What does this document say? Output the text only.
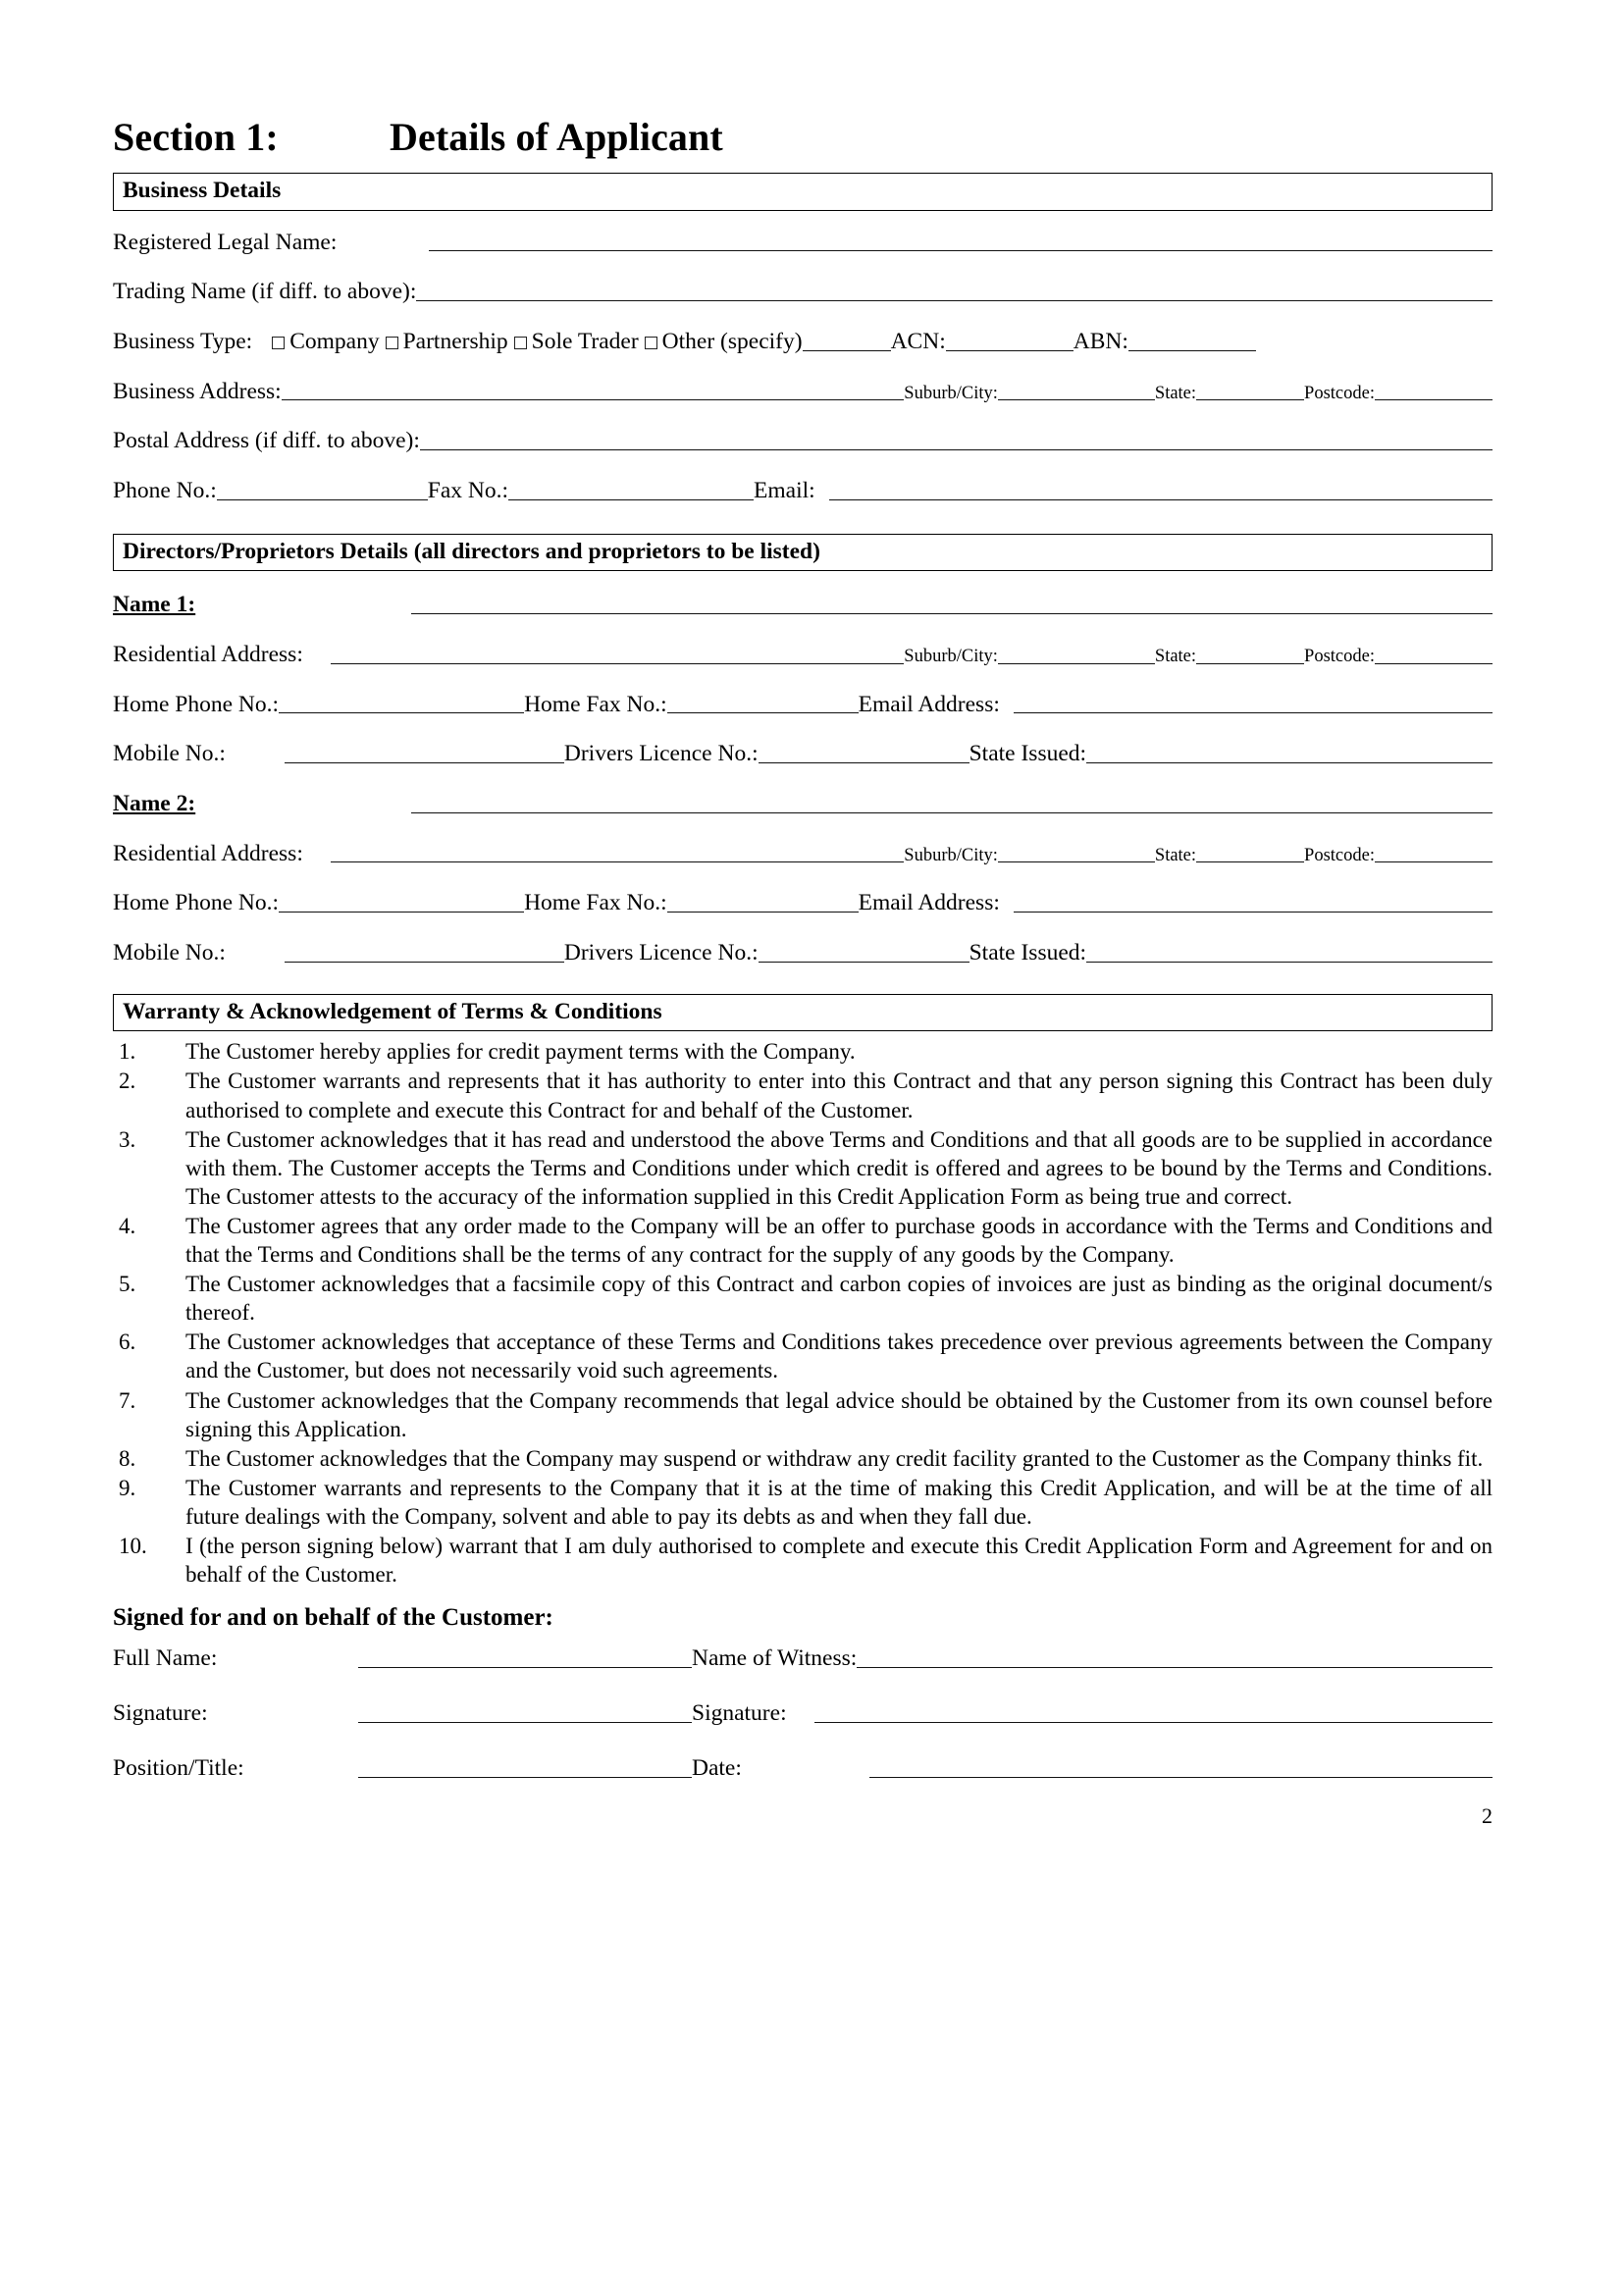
Section 1:	Details of Applicant
Business Details
Registered Legal Name:
Trading Name (if diff. to above):
Business Type:	Company	Partnership	Sole Trader	Other (specify)	ACN:	ABN:
Business Address:	Suburb/City:	State:	Postcode:
Postal Address (if diff. to above):
Phone No.:	Fax No.:	Email:
Directors/Proprietors Details (all directors and proprietors to be listed)
Name 1:
Residential Address:	Suburb/City:	State:	Postcode:
Home Phone No.:	Home Fax No.:	Email Address:
Mobile No.:	Drivers Licence No.:	State Issued:
Name 2:
Residential Address:	Suburb/City:	State:	Postcode:
Home Phone No.:	Home Fax No.:	Email Address:
Mobile No.:	Drivers Licence No.:	State Issued:
Warranty & Acknowledgement of Terms & Conditions
1.	The Customer hereby applies for credit payment terms with the Company.
2.	The Customer warrants and represents that it has authority to enter into this Contract and that any person signing this Contract has been duly authorised to complete and execute this Contract for and behalf of the Customer.
3.	The Customer acknowledges that it has read and understood the above Terms and Conditions and that all goods are to be supplied in accordance with them. The Customer accepts the Terms and Conditions under which credit is offered and agrees to be bound by the Terms and Conditions. The Customer attests to the accuracy of the information supplied in this Credit Application Form as being true and correct.
4.	The Customer agrees that any order made to the Company will be an offer to purchase goods in accordance with the Terms and Conditions and that the Terms and Conditions shall be the terms of any contract for the supply of any goods by the Company.
5.	The Customer acknowledges that a facsimile copy of this Contract and carbon copies of invoices are just as binding as the original document/s thereof.
6.	The Customer acknowledges that acceptance of these Terms and Conditions takes precedence over previous agreements between the Company and the Customer, but does not necessarily void such agreements.
7.	The Customer acknowledges that the Company recommends that legal advice should be obtained by the Customer from its own counsel before signing this Application.
8.	The Customer acknowledges that the Company may suspend or withdraw any credit facility granted to the Customer as the Company thinks fit.
9.	The Customer warrants and represents to the Company that it is at the time of making this Credit Application, and will be at the time of all future dealings with the Company, solvent and able to pay its debts as and when they fall due.
10.	I (the person signing below) warrant that I am duly authorised to complete and execute this Credit Application Form and Agreement for and on behalf of the Customer.
Signed for and on behalf of the Customer:
Full Name:	Name of Witness:
Signature:	Signature:
Position/Title:	Date:
2
